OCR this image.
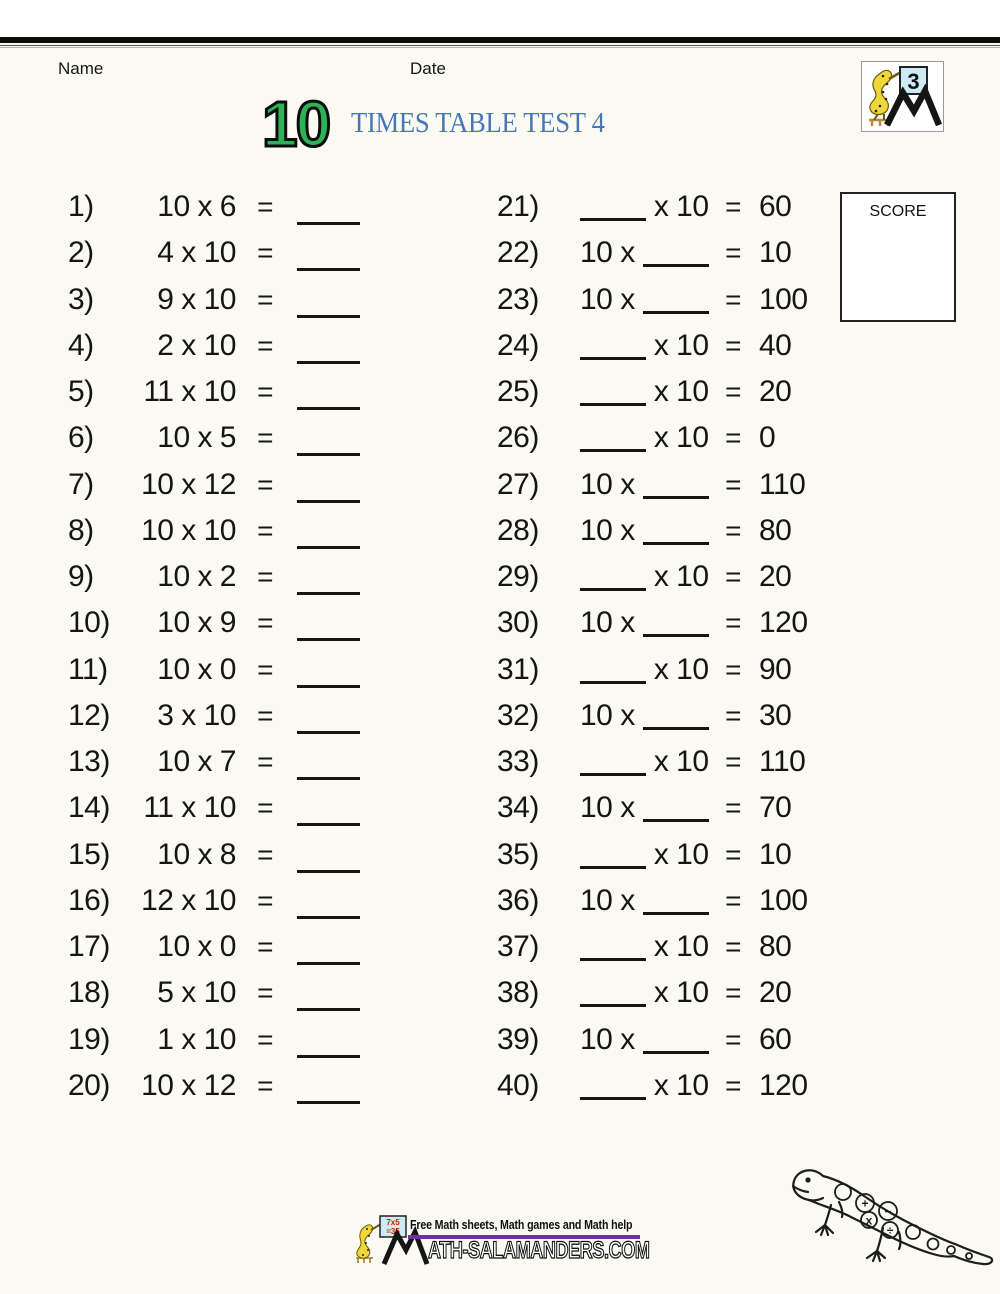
Name	Date
3
10 TIMES TABLE TEST 4
SCORE
1)	10 x 6 =
2)	4 x 10 =
3)	9 x 10 =
4)	2 x 10 =
5)	11 x 10 =
6)	10 x 5 =
7)	10 x 12 =
8)	10 x 10 =
9)	10 x 2 =
10)	10 x 9 =
11)	10 x 0 =
12)	3 x 10 =
13)	10 x 7 =
14)	11 x 10 =
15)	10 x 8 =
16)	12 x 10 =
17)	10 x 0 =
18)	5 x 10 =
19)	1 x 10 =
20)	10 x 12 =
21)	x 10 = 60
22) 10 x	= 10
23) 10 x	= 100
24)	x 10 = 40
25)	x 10 = 20
26)	x 10 = 0
27) 10 x	= 110
28) 10 x	= 80
29)	x 10 = 20
30) 10 x	= 120
31)	x 10 = 90
32) 10 x	= 30
33)	x 10 = 110
34) 10 x	= 70
35)	x 10 = 10
36) 10 x	= 100
37)	x 10 = 80
38)	x 10 = 20
39) 10 x	= 60
40)	x 10 = 120
7x5
=35 Free Math sheets, Math games and Math help
ATH-SALAMANDERS.COM
+
−
x
÷
